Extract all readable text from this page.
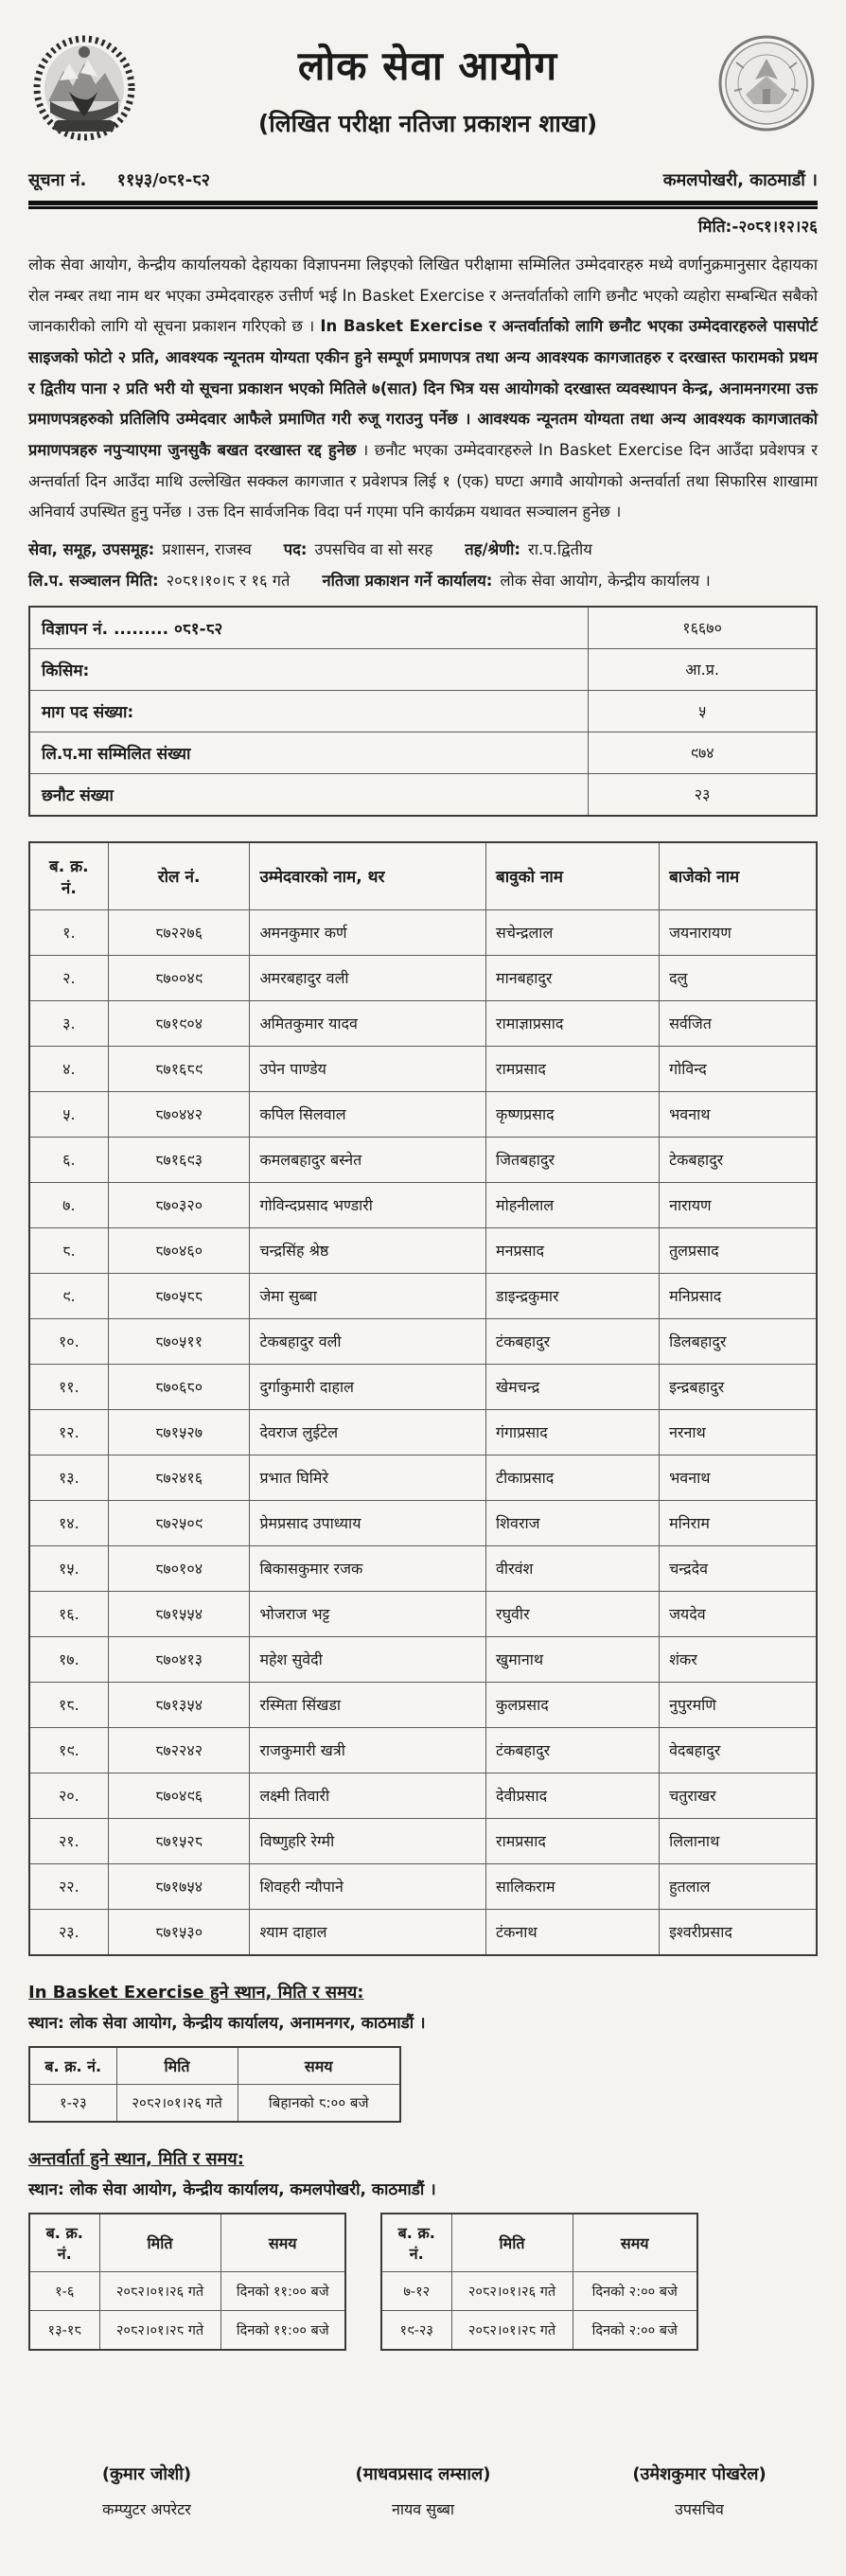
लोक सेवा आयोग
(लिखित परीक्षा नतिजा प्रकाशन शाखा)
सूचना नं. ११५३/०८१-८२	कमलपोखरी, काठमाडौं ।
मिति:-२०८१।१२।२६
लोक सेवा आयोग, केन्द्रीय कार्यालयको देहायका विज्ञापनमा लिइएको लिखित परीक्षामा सम्मिलित उम्मेदवारहरु मध्ये वर्णानुक्रमानुसार देहायका रोल नम्बर तथा नाम थर भएका उम्मेदवारहरु उत्तीर्ण भई In Basket Exercise र अन्तर्वार्ताको लागि छनौट भएको व्यहोरा सम्बन्धित सबैको जानकारीको लागि यो सूचना प्रकाशन गरिएको छ । In Basket Exercise र अन्तर्वार्ताको लागि छनौट भएका उम्मेदवारहरुले पासपोर्ट साइजको फोटो २ प्रति, आवश्यक न्यूनतम योग्यता एकीन हुने सम्पूर्ण प्रमाणपत्र तथा अन्य आवश्यक कागजातहरु र दरखास्त फारामको प्रथम र द्वितीय पाना २ प्रति भरी यो सूचना प्रकाशन भएको मितिले ७(सात) दिन भित्र यस आयोगको दरखास्त व्यवस्थापन केन्द्र, अनामनगरमा उक्त प्रमाणपत्रहरुको प्रतिलिपि उम्मेदवार आफैले प्रमाणित गरी रुजू गराउनु पर्नेछ । आवश्यक न्यूनतम योग्यता तथा अन्य आवश्यक कागजातको प्रमाणपत्रहरु नपुऱ्याएमा जुनसुकै बखत दरखास्त रद्द हुनेछ । छनौट भएका उम्मेदवारहरुले In Basket Exercise दिन आउँदा प्रवेशपत्र र अन्तर्वार्ता दिन आउँदा माथि उल्लेखित सक्कल कागजात र प्रवेशपत्र लिई १ (एक) घण्टा अगावै आयोगको अन्तर्वार्ता तथा सिफारिस शाखामा अनिवार्य उपस्थित हुनु पर्नेछ । उक्त दिन सार्वजनिक विदा पर्न गएमा पनि कार्यक्रम यथावत सञ्चालन हुनेछ ।
सेवा, समूह, उपसमूह: प्रशासन, राजस्व पद: उपसचिव वा सो सरह तह/श्रेणी: रा.प.द्वितीय
लि.प. सञ्चालन मिति: २०८१।१०।८ र १६ गते नतिजा प्रकाशन गर्ने कार्यालय: लोक सेवा आयोग, केन्द्रीय कार्यालय ।
विज्ञापन नं. ......... ०८१-८२	१६६७०
किसिम:	आ.प्र.
माग पद संख्या:	५
लि.प.मा सम्मिलित संख्या	९७४
छनौट संख्या	२३
ब. क्र. नं.	रोल नं.	उम्मेदवारको नाम, थर	बावुको नाम	बाजेको नाम
१.	८७२२७६	अमनकुमार कर्ण	सचेन्द्रलाल	जयनारायण
२.	८७००४९	अमरबहादुर वली	मानबहादुर	दलु
३.	८७१९०४	अमितकुमार यादव	रामाज्ञाप्रसाद	सर्वजित
४.	८७१६८९	उपेन पाण्डेय	रामप्रसाद	गोविन्द
५.	८७०४४२	कपिल सिलवाल	कृष्णप्रसाद	भवनाथ
६.	८७१६९३	कमलबहादुर बस्नेत	जितबहादुर	टेकबहादुर
७.	८७०३२०	गोविन्दप्रसाद भण्डारी	मोहनीलाल	नारायण
८.	८७०४६०	चन्द्रसिंह श्रेष्ठ	मनप्रसाद	तुलप्रसाद
९.	८७०५८८	जेमा सुब्बा	डाइन्द्रकुमार	मनिप्रसाद
१०.	८७०५११	टेकबहादुर वली	टंकबहादुर	डिलबहादुर
११.	८७०६८०	दुर्गाकुमारी दाहाल	खेमचन्द्र	इन्द्रबहादुर
१२.	८७१५२७	देवराज लुईटेल	गंगाप्रसाद	नरनाथ
१३.	८७२४१६	प्रभात घिमिरे	टीकाप्रसाद	भवनाथ
१४.	८७२५०९	प्रेमप्रसाद उपाध्याय	शिवराज	मनिराम
१५.	८७०१०४	बिकासकुमार रजक	वीरवंश	चन्द्रदेव
१६.	८७१५५४	भोजराज भट्ट	रघुवीर	जयदेव
१७.	८७०४१३	महेश सुवेदी	खुमानाथ	शंकर
१८.	८७१३५४	रस्मिता सिंखडा	कुलप्रसाद	नुपुरमणि
१९.	८७२२४२	राजकुमारी खत्री	टंकबहादुर	वेदबहादुर
२०.	८७०४९६	लक्ष्मी तिवारी	देवीप्रसाद	चतुराखर
२१.	८७१५२८	विष्णुहरि रेग्मी	रामप्रसाद	लिलानाथ
२२.	८७१७५४	शिवहरी न्यौपाने	सालिकराम	हुतलाल
२३.	८७१५३०	श्याम दाहाल	टंकनाथ	इश्वरीप्रसाद
In Basket Exercise हुने स्थान, मिति र समय:
स्थान: लोक सेवा आयोग, केन्द्रीय कार्यालय, अनामनगर, काठमाडौं ।
ब. क्र. नं.	मिति	समय
१-२३	२०८२।०१।२६ गते	बिहानको ८:०० बजे
अन्तर्वार्ता हुने स्थान, मिति र समय:
स्थान: लोक सेवा आयोग, केन्द्रीय कार्यालय, कमलपोखरी, काठमाडौं ।
ब. क्र. नं.	मिति	समय
१-६	२०८२।०१।२६ गते	दिनको ११:०० बजे
१३-१८	२०८२।०१।२८ गते	दिनको ११:०० बजे
ब. क्र. नं.	मिति	समय
७-१२	२०८२।०१।२६ गते	दिनको २:०० बजे
१९-२३	२०८२।०१।२८ गते	दिनको २:०० बजे
(कुमार जोशी)
कम्प्युटर अपरेटर
(माधवप्रसाद लम्साल)
नायव सुब्बा
(उमेशकुमार पोखरेल)
उपसचिव
